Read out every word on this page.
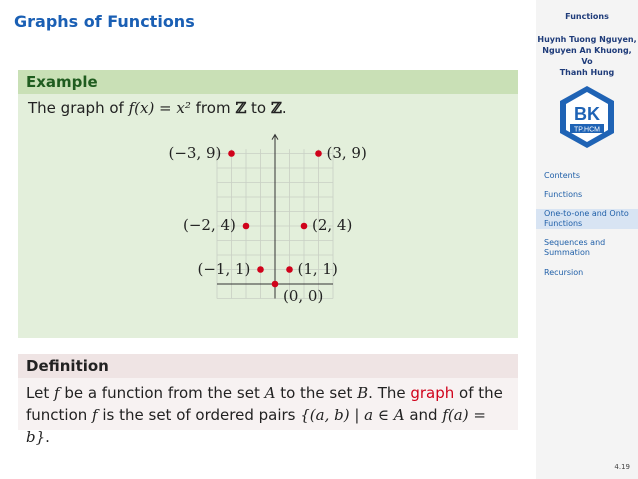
Graphs of Functions
Example
The graph of f(x) = x² from ℤ to ℤ.
(−3, 9)	(3, 9)
(−2, 4)	(2, 4)
(−1, 1)	(1, 1)
(0, 0)
Definition
Let f be a function from the set A to the set B. The graph of the
function f is the set of ordered pairs {(a, b) | a ∈ A and f(a) = b}.
Functions
Huynh Tuong Nguyen,
Nguyen An Khuong, Vo
Thanh Hung
BK
TP.HCM
Contents
Functions
One-to-one and Onto
Functions
Sequences and
Summation
Recursion
4.19
